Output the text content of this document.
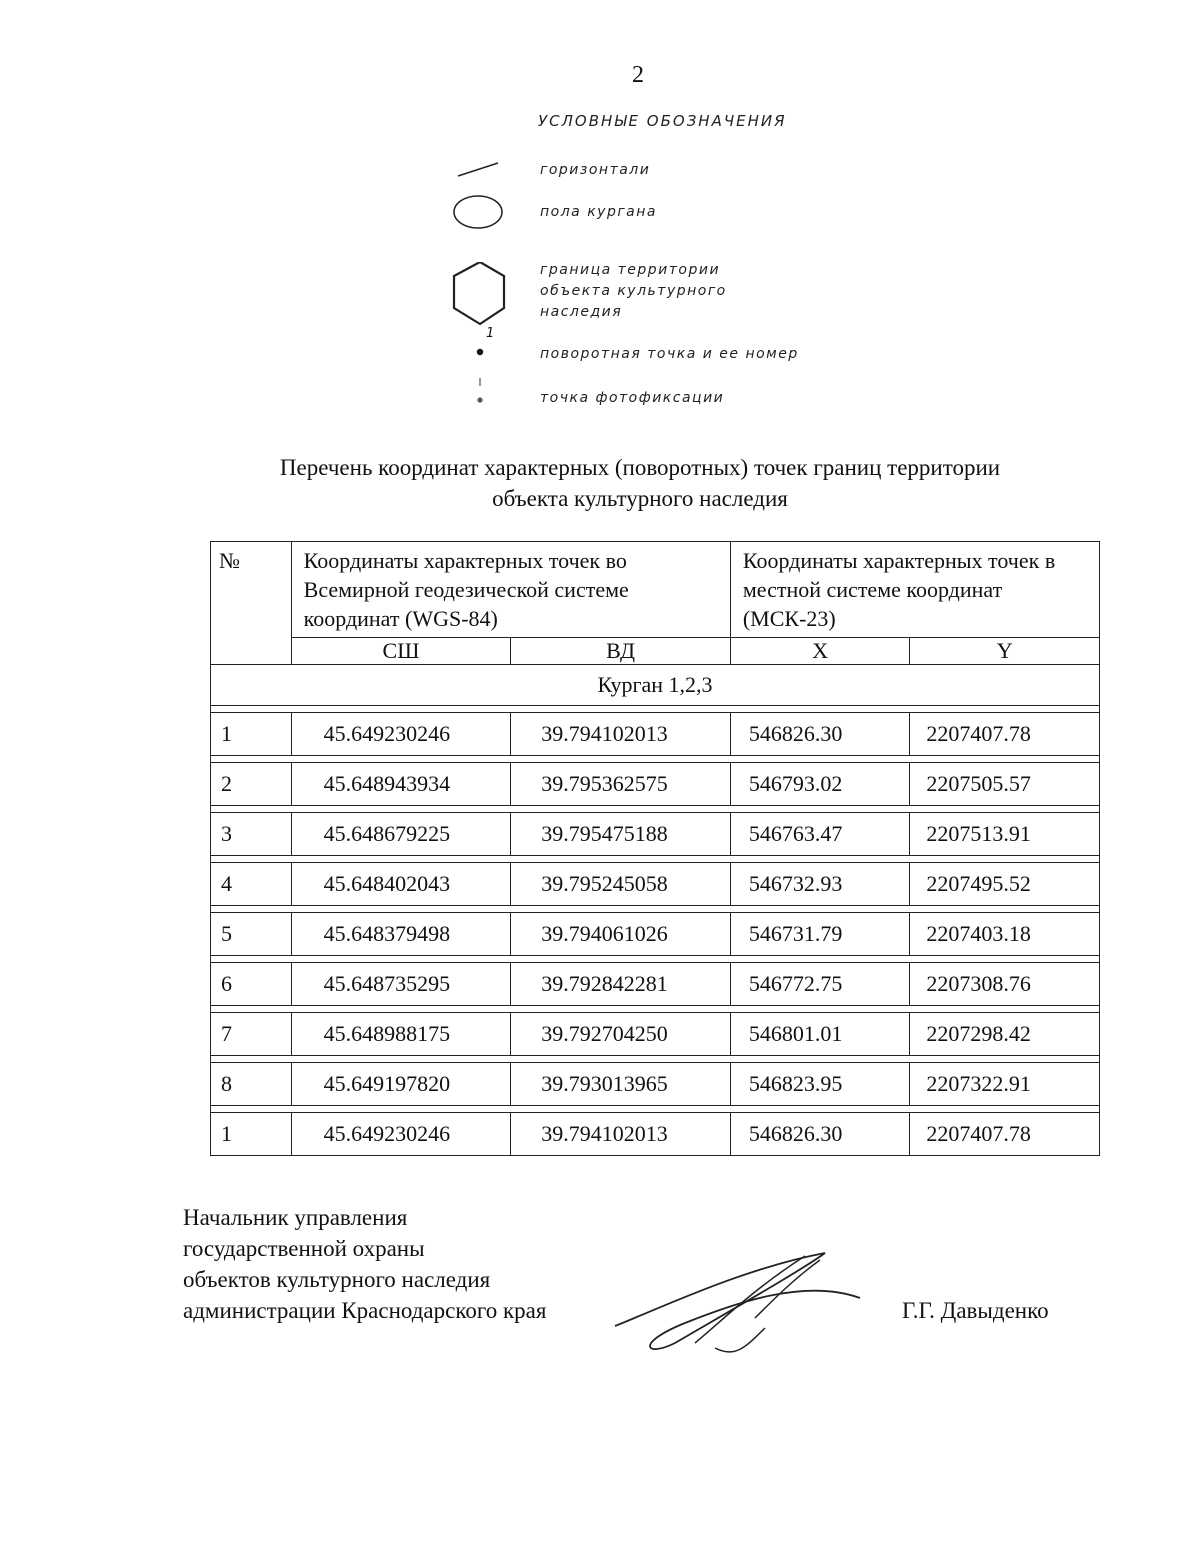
2
УСЛОВНЫЕ ОБОЗНАЧЕНИЯ
горизонтали
пола кургана
граница территории
объекта культурного
наследия
1
поворотная точка и ее номер
точка фотофиксации
Перечень координат характерных (поворотных) точек границ территории
объекта культурного наследия
№	Координаты характерных точек во Всемирной геодезической системе координат (WGS-84)		Координаты характерных точек в местной системе координат (МСК-23)	
	СШ	ВД	X	Y
Курган 1,2,3				

1	45.649230246	39.794102013	546826.30	2207407.78

2	45.648943934	39.795362575	546793.02	2207505.57

3	45.648679225	39.795475188	546763.47	2207513.91

4	45.648402043	39.795245058	546732.93	2207495.52

5	45.648379498	39.794061026	546731.79	2207403.18

6	45.648735295	39.792842281	546772.75	2207308.76

7	45.648988175	39.792704250	546801.01	2207298.42

8	45.649197820	39.793013965	546823.95	2207322.91

1	45.649230246	39.794102013	546826.30	2207407.78
Начальник управления
государственной охраны
объектов культурного наследия
администрации Краснодарского края	Г.Г. Давыденко
